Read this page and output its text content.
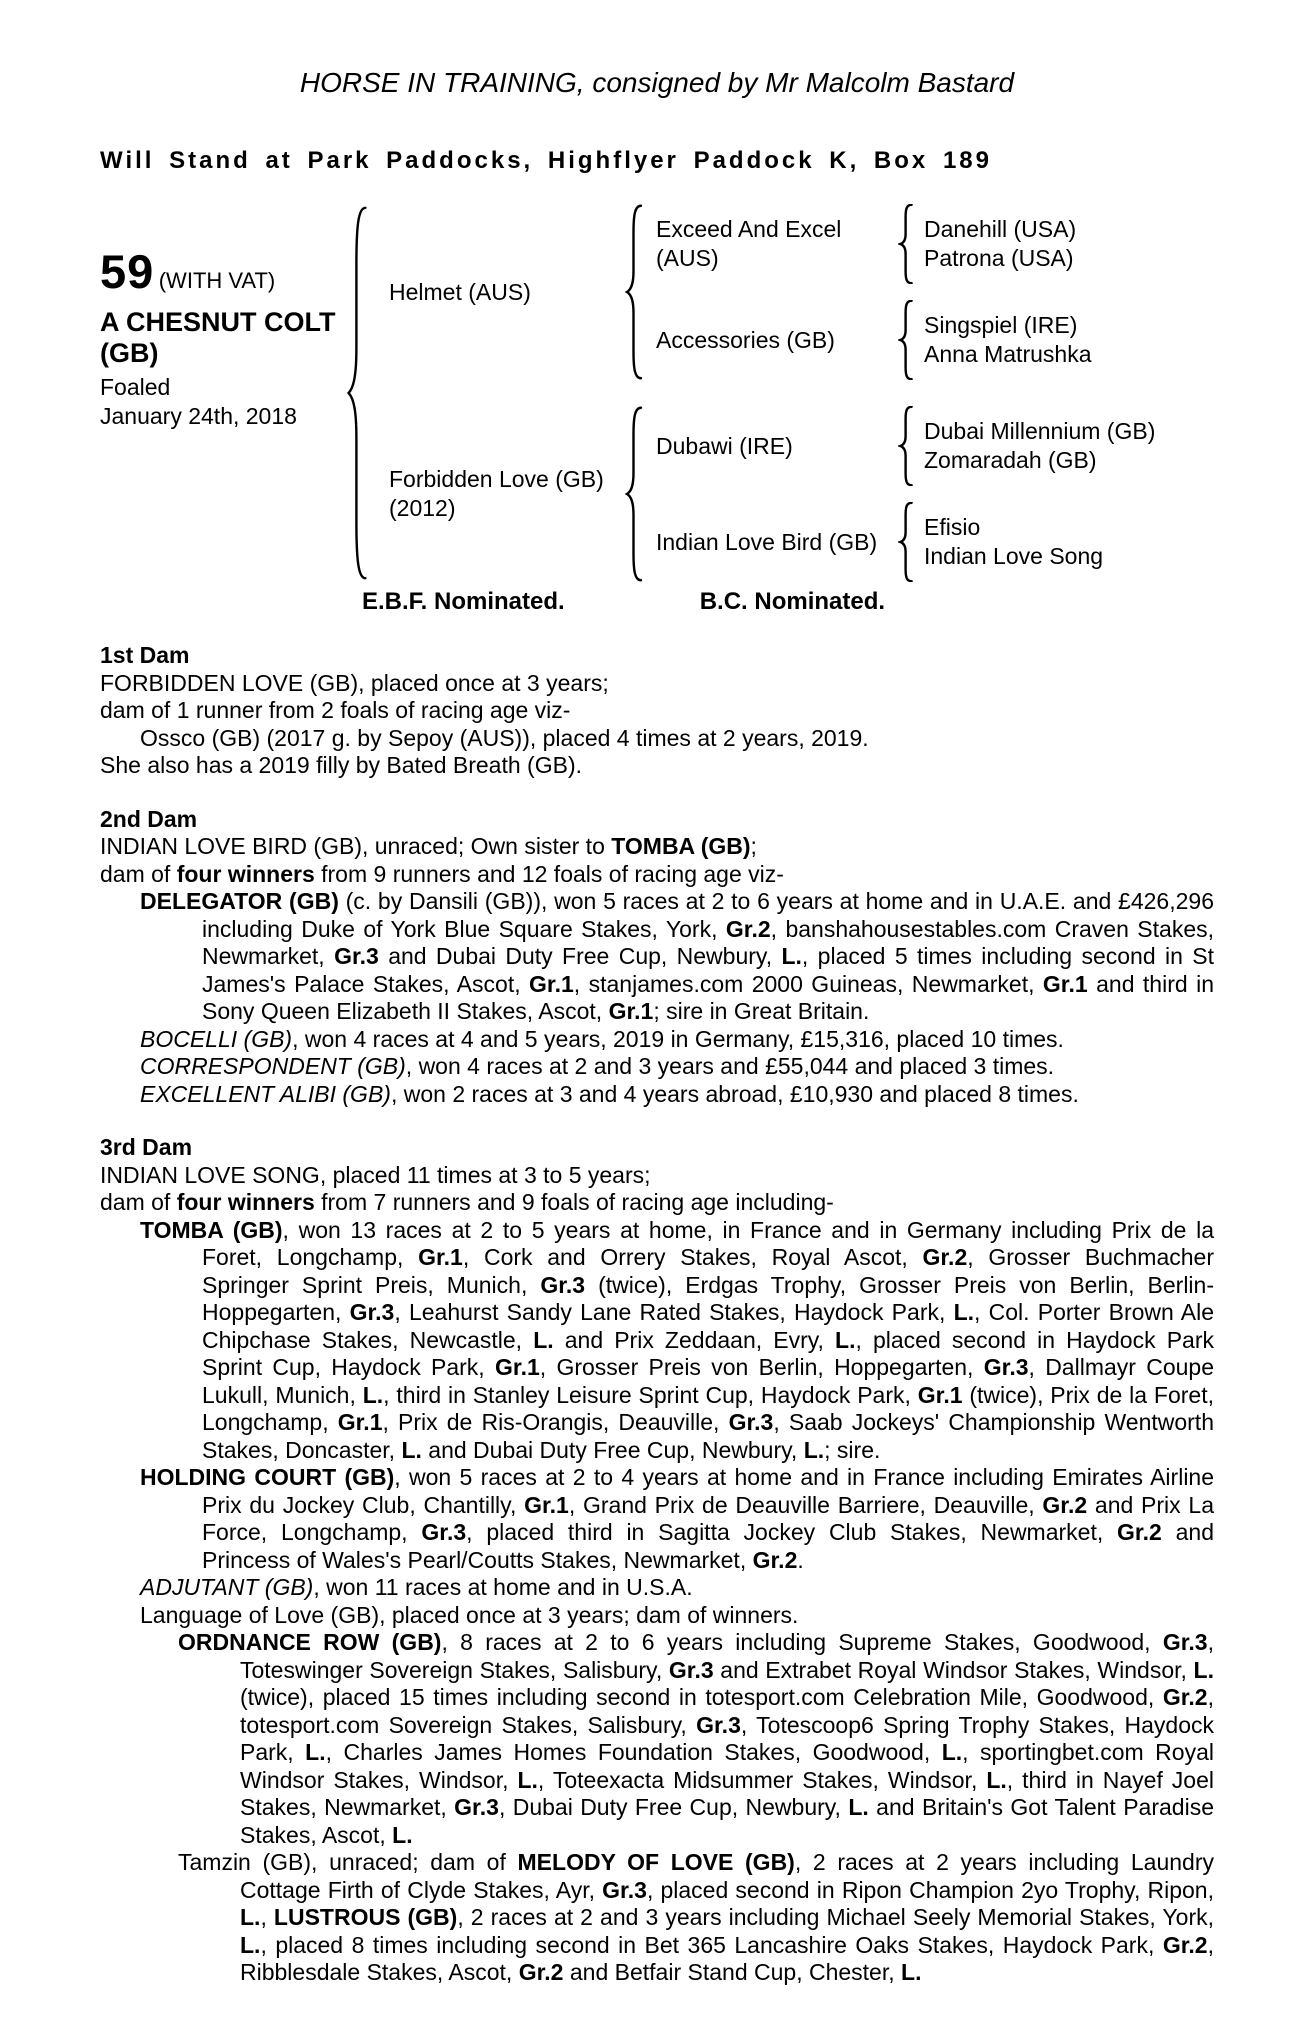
HORSE IN TRAINING, consigned by Mr Malcolm Bastard
Will Stand at Park Paddocks, Highflyer Paddock K, Box 189
59 (WITH VAT)
A CHESNUT COLT (GB)
Foaled
January 24th, 2018
Helmet (AUS)
Exceed And Excel (AUS)
Danehill (USA)
Patrona (USA)
Accessories (GB)
Singspiel (IRE)
Anna Matrushka
Forbidden Love (GB) (2012)
Dubawi (IRE)
Dubai Millennium (GB)
Zomaradah (GB)
Indian Love Bird (GB)
Efisio
Indian Love Song
E.B.F. Nominated.	B.C. Nominated.
1st Dam
FORBIDDEN LOVE (GB), placed once at 3 years;
dam of 1 runner from 2 foals of racing age viz-
Ossco (GB) (2017 g. by Sepoy (AUS)), placed 4 times at 2 years, 2019.
She also has a 2019 filly by Bated Breath (GB).
2nd Dam
INDIAN LOVE BIRD (GB), unraced; Own sister to TOMBA (GB);
dam of four winners from 9 runners and 12 foals of racing age viz-
DELEGATOR (GB) (c. by Dansili (GB)), won 5 races at 2 to 6 years at home and in U.A.E. and £426,296 including Duke of York Blue Square Stakes, York, Gr.2, banshahousestables.com Craven Stakes, Newmarket, Gr.3 and Dubai Duty Free Cup, Newbury, L., placed 5 times including second in St James's Palace Stakes, Ascot, Gr.1, stanjames.com 2000 Guineas, Newmarket, Gr.1 and third in Sony Queen Elizabeth II Stakes, Ascot, Gr.1; sire in Great Britain.
BOCELLI (GB), won 4 races at 4 and 5 years, 2019 in Germany, £15,316, placed 10 times.
CORRESPONDENT (GB), won 4 races at 2 and 3 years and £55,044 and placed 3 times.
EXCELLENT ALIBI (GB), won 2 races at 3 and 4 years abroad, £10,930 and placed 8 times.
3rd Dam
INDIAN LOVE SONG, placed 11 times at 3 to 5 years;
dam of four winners from 7 runners and 9 foals of racing age including-
TOMBA (GB), won 13 races at 2 to 5 years at home, in France and in Germany including Prix de la Foret, Longchamp, Gr.1, Cork and Orrery Stakes, Royal Ascot, Gr.2, Grosser Buchmacher Springer Sprint Preis, Munich, Gr.3 (twice), Erdgas Trophy, Grosser Preis von Berlin, Berlin-Hoppegarten, Gr.3, Leahurst Sandy Lane Rated Stakes, Haydock Park, L., Col. Porter Brown Ale Chipchase Stakes, Newcastle, L. and Prix Zeddaan, Evry, L., placed second in Haydock Park Sprint Cup, Haydock Park, Gr.1, Grosser Preis von Berlin, Hoppegarten, Gr.3, Dallmayr Coupe Lukull, Munich, L., third in Stanley Leisure Sprint Cup, Haydock Park, Gr.1 (twice), Prix de la Foret, Longchamp, Gr.1, Prix de Ris-Orangis, Deauville, Gr.3, Saab Jockeys' Championship Wentworth Stakes, Doncaster, L. and Dubai Duty Free Cup, Newbury, L.; sire.
HOLDING COURT (GB), won 5 races at 2 to 4 years at home and in France including Emirates Airline Prix du Jockey Club, Chantilly, Gr.1, Grand Prix de Deauville Barriere, Deauville, Gr.2 and Prix La Force, Longchamp, Gr.3, placed third in Sagitta Jockey Club Stakes, Newmarket, Gr.2 and Princess of Wales's Pearl/Coutts Stakes, Newmarket, Gr.2.
ADJUTANT (GB), won 11 races at home and in U.S.A.
Language of Love (GB), placed once at 3 years; dam of winners.
ORDNANCE ROW (GB), 8 races at 2 to 6 years including Supreme Stakes, Goodwood, Gr.3, Toteswinger Sovereign Stakes, Salisbury, Gr.3 and Extrabet Royal Windsor Stakes, Windsor, L. (twice), placed 15 times including second in totesport.com Celebration Mile, Goodwood, Gr.2, totesport.com Sovereign Stakes, Salisbury, Gr.3, Totescoop6 Spring Trophy Stakes, Haydock Park, L., Charles James Homes Foundation Stakes, Goodwood, L., sportingbet.com Royal Windsor Stakes, Windsor, L., Toteexacta Midsummer Stakes, Windsor, L., third in Nayef Joel Stakes, Newmarket, Gr.3, Dubai Duty Free Cup, Newbury, L. and Britain's Got Talent Paradise Stakes, Ascot, L.
Tamzin (GB), unraced; dam of MELODY OF LOVE (GB), 2 races at 2 years including Laundry Cottage Firth of Clyde Stakes, Ayr, Gr.3, placed second in Ripon Champion 2yo Trophy, Ripon, L., LUSTROUS (GB), 2 races at 2 and 3 years including Michael Seely Memorial Stakes, York, L., placed 8 times including second in Bet 365 Lancashire Oaks Stakes, Haydock Park, Gr.2, Ribblesdale Stakes, Ascot, Gr.2 and Betfair Stand Cup, Chester, L.
